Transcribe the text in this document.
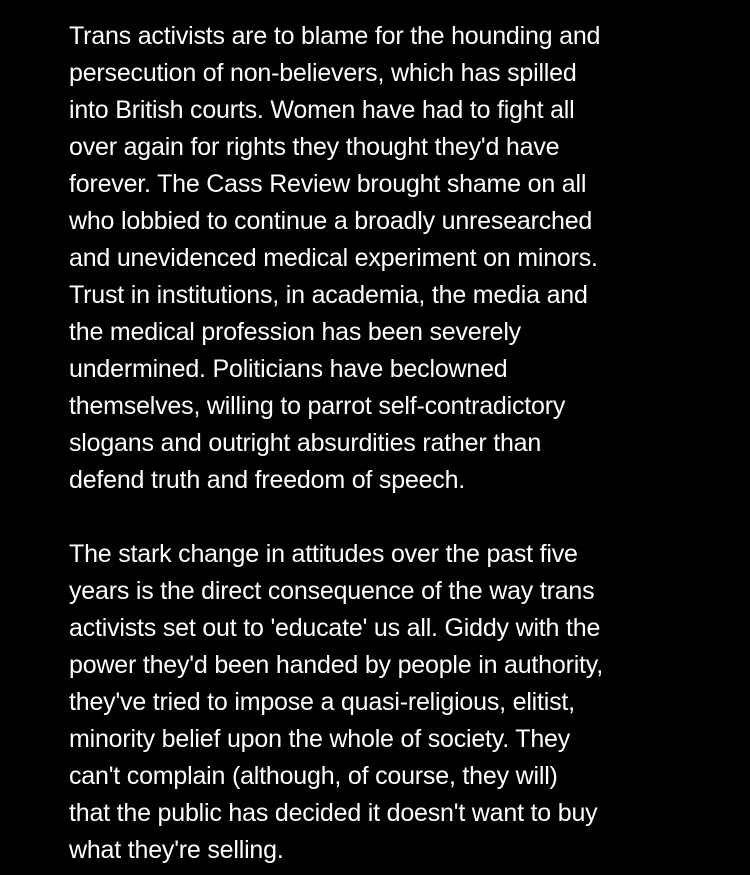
Trans activists are to blame for the hounding and
persecution of non-believers, which has spilled
into British courts. Women have had to fight all
over again for rights they thought they'd have
forever. The Cass Review brought shame on all
who lobbied to continue a broadly unresearched
and unevidenced medical experiment on minors.
Trust in institutions, in academia, the media and
the medical profession has been severely
undermined. Politicians have beclowned
themselves, willing to parrot self-contradictory
slogans and outright absurdities rather than
defend truth and freedom of speech.
The stark change in attitudes over the past five
years is the direct consequence of the way trans
activists set out to 'educate' us all. Giddy with the
power they'd been handed by people in authority,
they've tried to impose a quasi-religious, elitist,
minority belief upon the whole of society. They
can't complain (although, of course, they will)
that the public has decided it doesn't want to buy
what they're selling.
